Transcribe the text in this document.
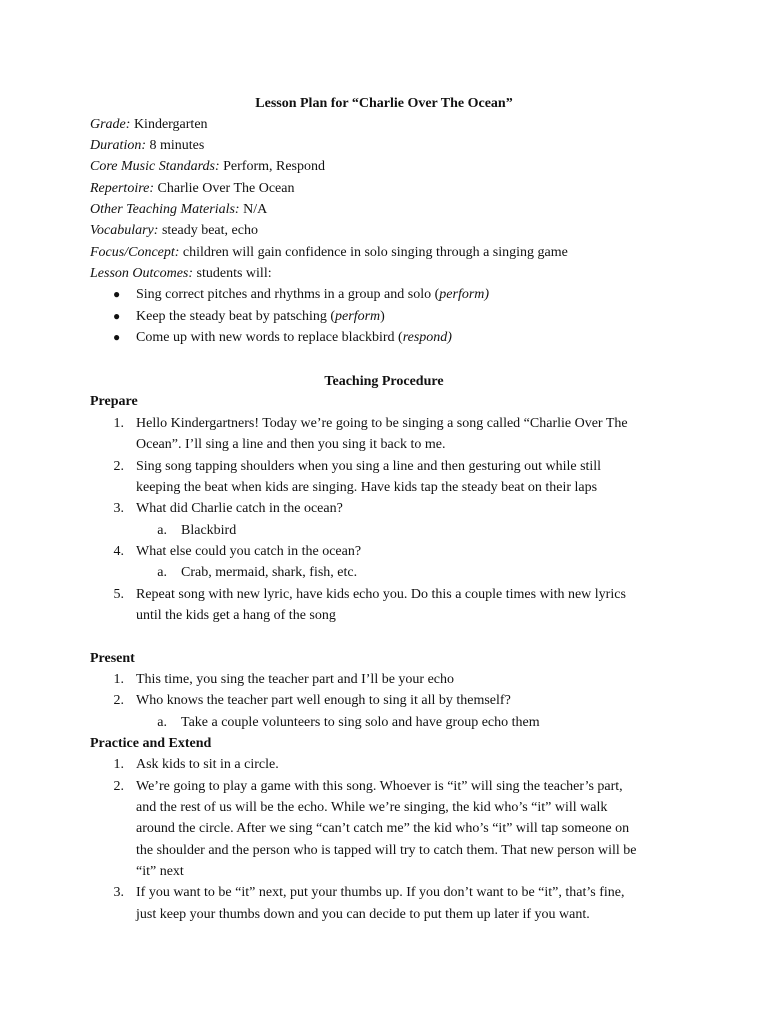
Lesson Plan for “Charlie Over The Ocean”
Grade: Kindergarten
Duration: 8 minutes
Core Music Standards: Perform, Respond
Repertoire: Charlie Over The Ocean
Other Teaching Materials: N/A
Vocabulary: steady beat, echo
Focus/Concept: children will gain confidence in solo singing through a singing game
Lesson Outcomes: students will:
● Sing correct pitches and rhythms in a group and solo (perform)
● Keep the steady beat by patsching (perform)
● Come up with new words to replace blackbird (respond)
Teaching Procedure
Prepare
1. Hello Kindergartners! Today we’re going to be singing a song called “Charlie Over The
Ocean”. I’ll sing a line and then you sing it back to me.
2. Sing song tapping shoulders when you sing a line and then gesturing out while still
keeping the beat when kids are singing. Have kids tap the steady beat on their laps
3. What did Charlie catch in the ocean?
a. Blackbird
4. What else could you catch in the ocean?
a. Crab, mermaid, shark, fish, etc.
5. Repeat song with new lyric, have kids echo you. Do this a couple times with new lyrics
until the kids get a hang of the song
Present
1. This time, you sing the teacher part and I’ll be your echo
2. Who knows the teacher part well enough to sing it all by themself?
a. Take a couple volunteers to sing solo and have group echo them
Practice and Extend
1. Ask kids to sit in a circle.
2. We’re going to play a game with this song. Whoever is “it” will sing the teacher’s part,
and the rest of us will be the echo. While we’re singing, the kid who’s “it” will walk
around the circle. After we sing “can’t catch me” the kid who’s “it” will tap someone on
the shoulder and the person who is tapped will try to catch them. That new person will be
“it” next
3. If you want to be “it” next, put your thumbs up. If you don’t want to be “it”, that’s fine,
just keep your thumbs down and you can decide to put them up later if you want.
